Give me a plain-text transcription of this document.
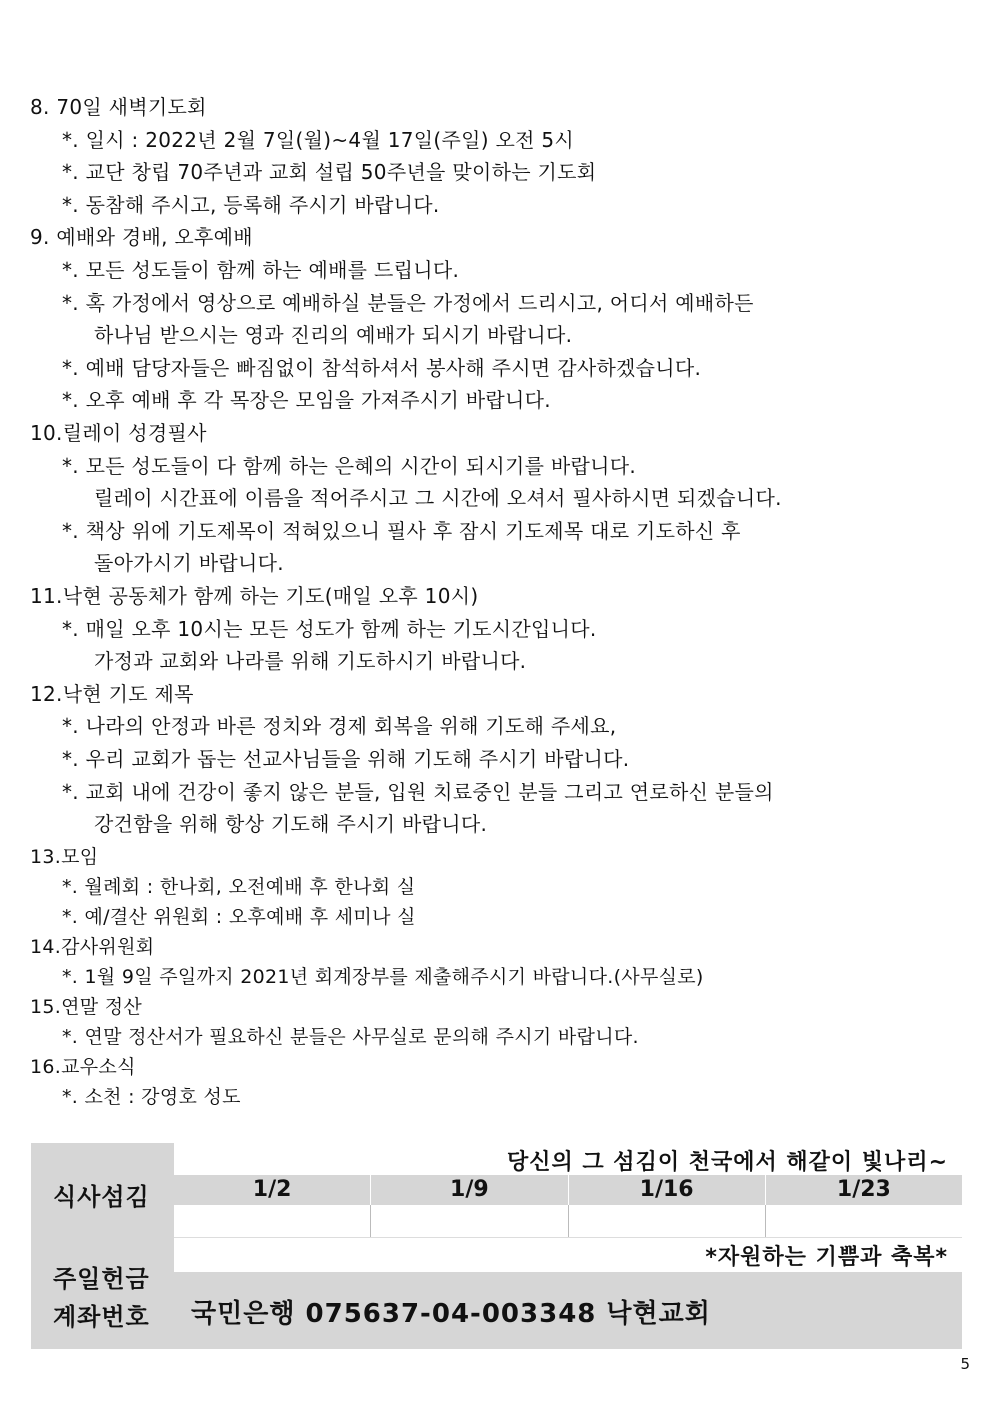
8. 70일 새벽기도회
*. 일시 : 2022년 2월 7일(월)~4월 17일(주일) 오전 5시
*. 교단 창립 70주년과 교회 설립 50주년을 맞이하는 기도회
*. 동참해 주시고, 등록해 주시기 바랍니다.
9. 예배와 경배, 오후예배
*. 모든 성도들이 함께 하는 예배를 드립니다.
*. 혹 가정에서 영상으로 예배하실 분들은 가정에서 드리시고, 어디서 예배하든
하나님 받으시는 영과 진리의 예배가 되시기 바랍니다.
*. 예배 담당자들은 빠짐없이 참석하셔서 봉사해 주시면 감사하겠습니다.
*. 오후 예배 후 각 목장은 모임을 가져주시기 바랍니다.
10.릴레이 성경필사
*. 모든 성도들이 다 함께 하는 은혜의 시간이 되시기를 바랍니다.
릴레이 시간표에 이름을 적어주시고 그 시간에 오셔서 필사하시면 되겠습니다.
*. 책상 위에 기도제목이 적혀있으니 필사 후 잠시 기도제목 대로 기도하신 후
돌아가시기 바랍니다.
11.낙현 공동체가 함께 하는 기도(매일 오후 10시)
*. 매일 오후 10시는 모든 성도가 함께 하는 기도시간입니다.
가정과 교회와 나라를 위해 기도하시기 바랍니다.
12.낙현 기도 제목
*. 나라의 안정과 바른 정치와 경제 회복을 위해 기도해 주세요,
*. 우리 교회가 돕는 선교사님들을 위해 기도해 주시기 바랍니다.
*. 교회 내에 건강이 좋지 않은 분들, 입원 치료중인 분들 그리고 연로하신 분들의
강건함을 위해 항상 기도해 주시기 바랍니다.
13.모임
*. 월례회 : 한나회, 오전예배 후 한나회 실
*. 예/결산 위원회 : 오후예배 후 세미나 실
14.감사위원회
*. 1월 9일 주일까지 2021년 회계장부를 제출해주시기 바랍니다.(사무실로)
15.연말 정산
*. 연말 정산서가 필요하신 분들은 사무실로 문의해 주시기 바랍니다.
16.교우소식
*. 소천 : 강영호 성도
당신의 그 섬김이 천국에서 해같이 빛나리~
식사섬김	1/2	1/9	1/16	1/23
*자원하는 기쁨과 축복*
주일헌금
계좌번호 국민은행 075637-04-003348 낙현교회
5
